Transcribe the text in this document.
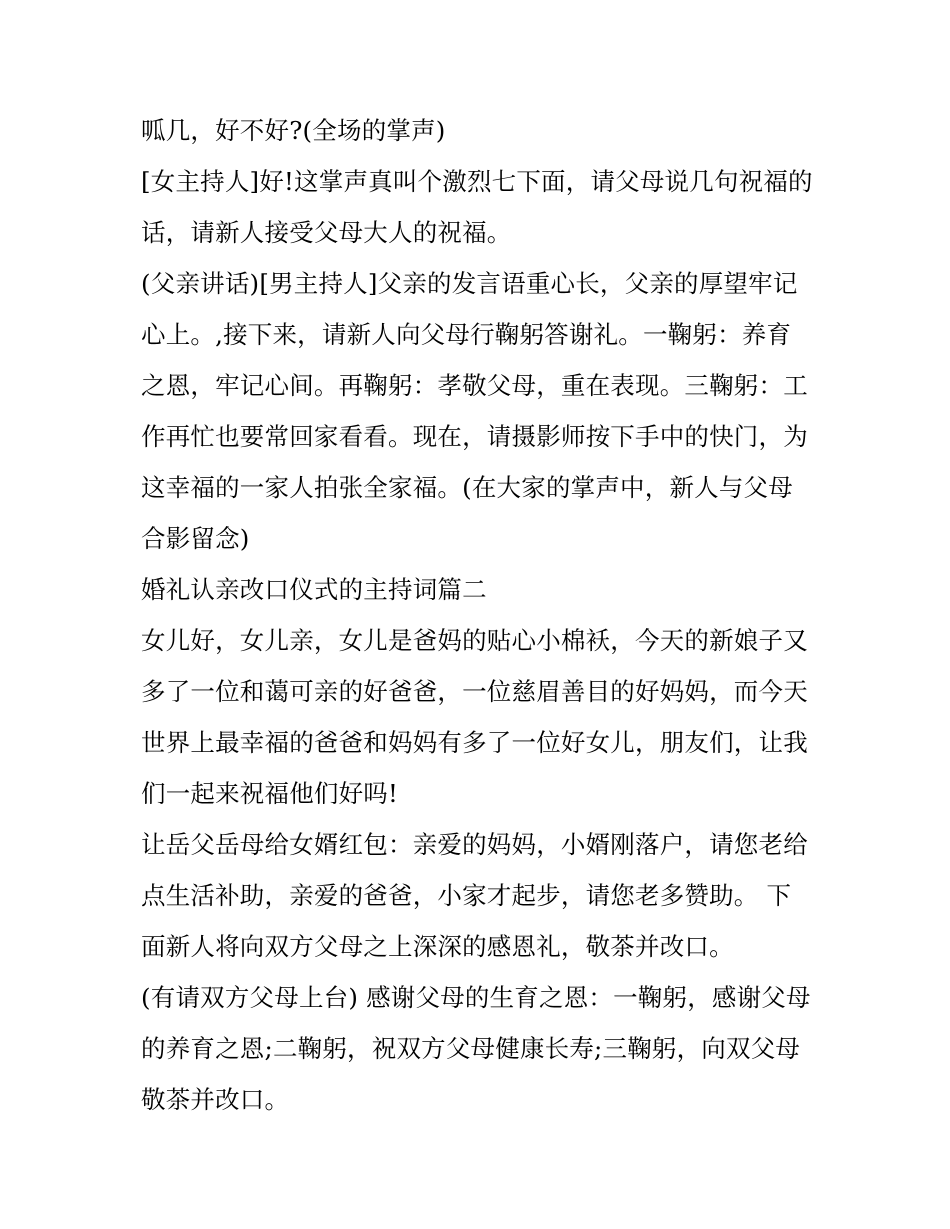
呱几，好不好?(全场的掌声)

[女主持人]好!这掌声真叫个激烈七下面，请父母说几句祝福的话，请新人接受父母大人的祝福。

(父亲讲话)[男主持人]父亲的发言语重心长，父亲的厚望牢记心上。,接下来，请新人向父母行鞠躬答谢礼。一鞠躬：养育之恩，牢记心间。再鞠躬：孝敬父母，重在表现。三鞠躬：工作再忙也要常回家看看。现在，请摄影师按下手中的快门，为这幸福的一家人拍张全家福。(在大家的掌声中，新人与父母合影留念)

婚礼认亲改口仪式的主持词篇二

女儿好，女儿亲，女儿是爸妈的贴心小棉袄，今天的新娘子又多了一位和蔼可亲的好爸爸，一位慈眉善目的好妈妈，而今天世界上最幸福的爸爸和妈妈有多了一位好女儿，朋友们，让我们一起来祝福他们好吗!

让岳父岳母给女婿红包：亲爱的妈妈，小婿刚落户，请您老给点生活补助，亲爱的爸爸，小家才起步，请您老多赞助。 下面新人将向双方父母之上深深的感恩礼，敬茶并改口。

(有请双方父母上台) 感谢父母的生育之恩：一鞠躬，感谢父母的养育之恩;二鞠躬，祝双方父母健康长寿;三鞠躬，向双父母敬茶并改口。
